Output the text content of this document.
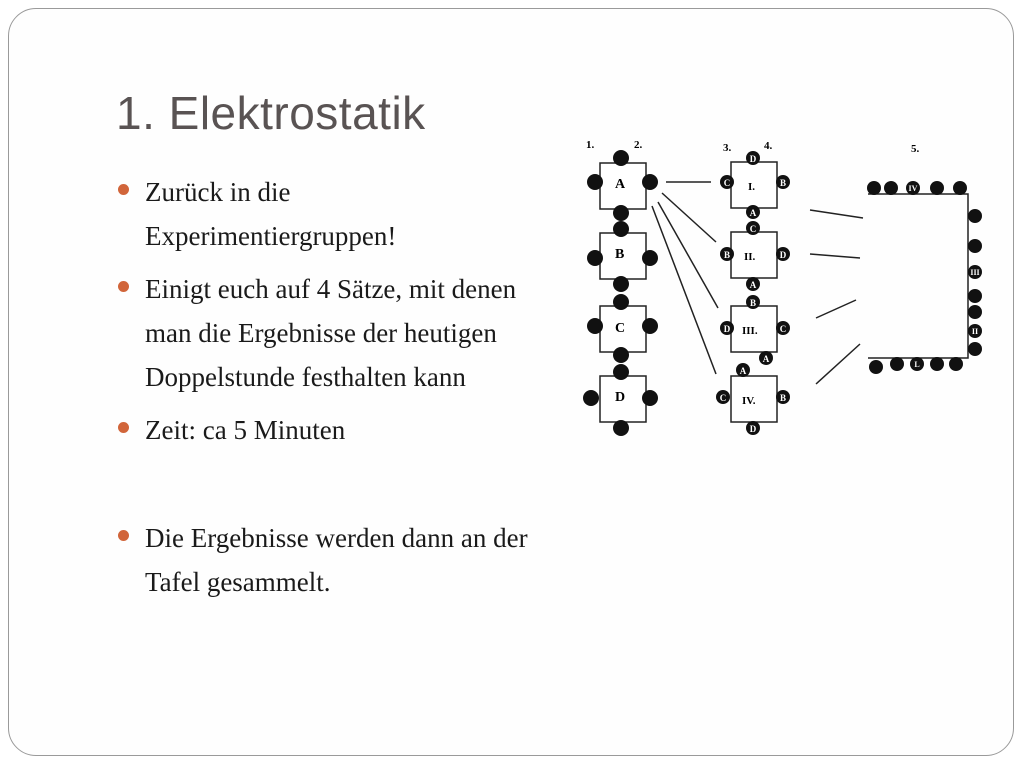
1. Elektrostatik
Zurück in die Experimentiergruppen!
Einigt euch auf 4 Sätze, mit denen man die Ergebnisse der heutigen Doppelstunde festhalten kann
Zeit: ca 5 Minuten
Die Ergebnisse werden dann an der Tafel gesammelt.
1.	2.	3.	4.	5.
A
B
C
D
I.
D
C	B
A
II.
C
B	D
A
III.
B
D	C
A
IV.
A
C	B
D
IV
III
II
L
